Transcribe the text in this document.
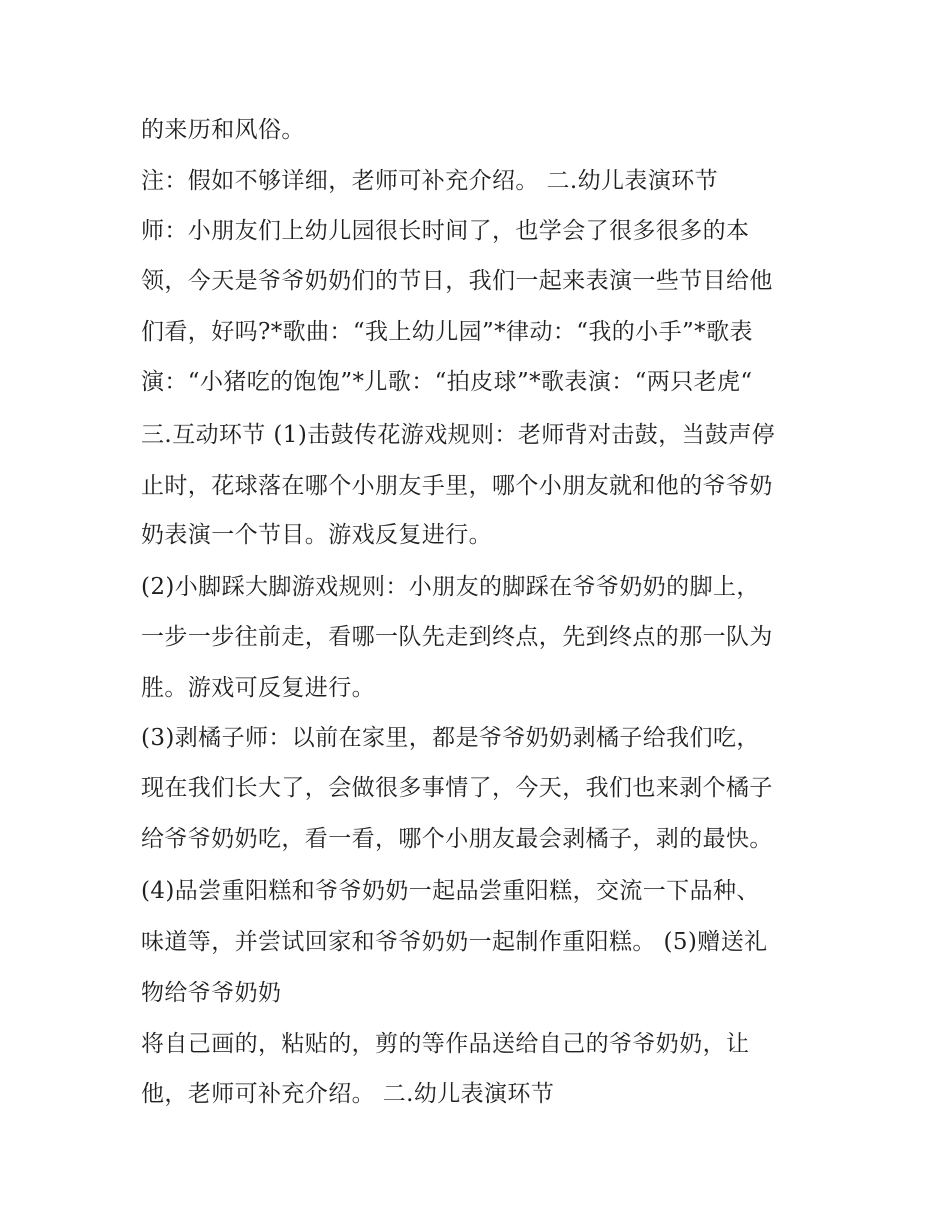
的来历和风俗。
注：假如不够详细，老师可补充介绍。 二.幼儿表演环节
师：小朋友们上幼儿园很长时间了，也学会了很多很多的本
领，今天是爷爷奶奶们的节日，我们一起来表演一些节目给他
们看，好吗?*歌曲：“我上幼儿园”*律动：“我的小手”*歌表
演：“小猪吃的饱饱”*儿歌：“拍皮球”*歌表演：“两只老虎“
三.互动环节 (1)击鼓传花游戏规则：老师背对击鼓，当鼓声停
止时，花球落在哪个小朋友手里，哪个小朋友就和他的爷爷奶
奶表演一个节目。游戏反复进行。
(2)小脚踩大脚游戏规则：小朋友的脚踩在爷爷奶奶的脚上，
一步一步往前走，看哪一队先走到终点，先到终点的那一队为
胜。游戏可反复进行。
(3)剥橘子师：以前在家里，都是爷爷奶奶剥橘子给我们吃，
现在我们长大了，会做很多事情了，今天，我们也来剥个橘子
给爷爷奶奶吃，看一看，哪个小朋友最会剥橘子，剥的最快。
(4)品尝重阳糕和爷爷奶奶一起品尝重阳糕，交流一下品种、
味道等，并尝试回家和爷爷奶奶一起制作重阳糕。 (5)赠送礼
物给爷爷奶奶
将自己画的，粘贴的，剪的等作品送给自己的爷爷奶奶，让
他，老师可补充介绍。 二.幼儿表演环节
